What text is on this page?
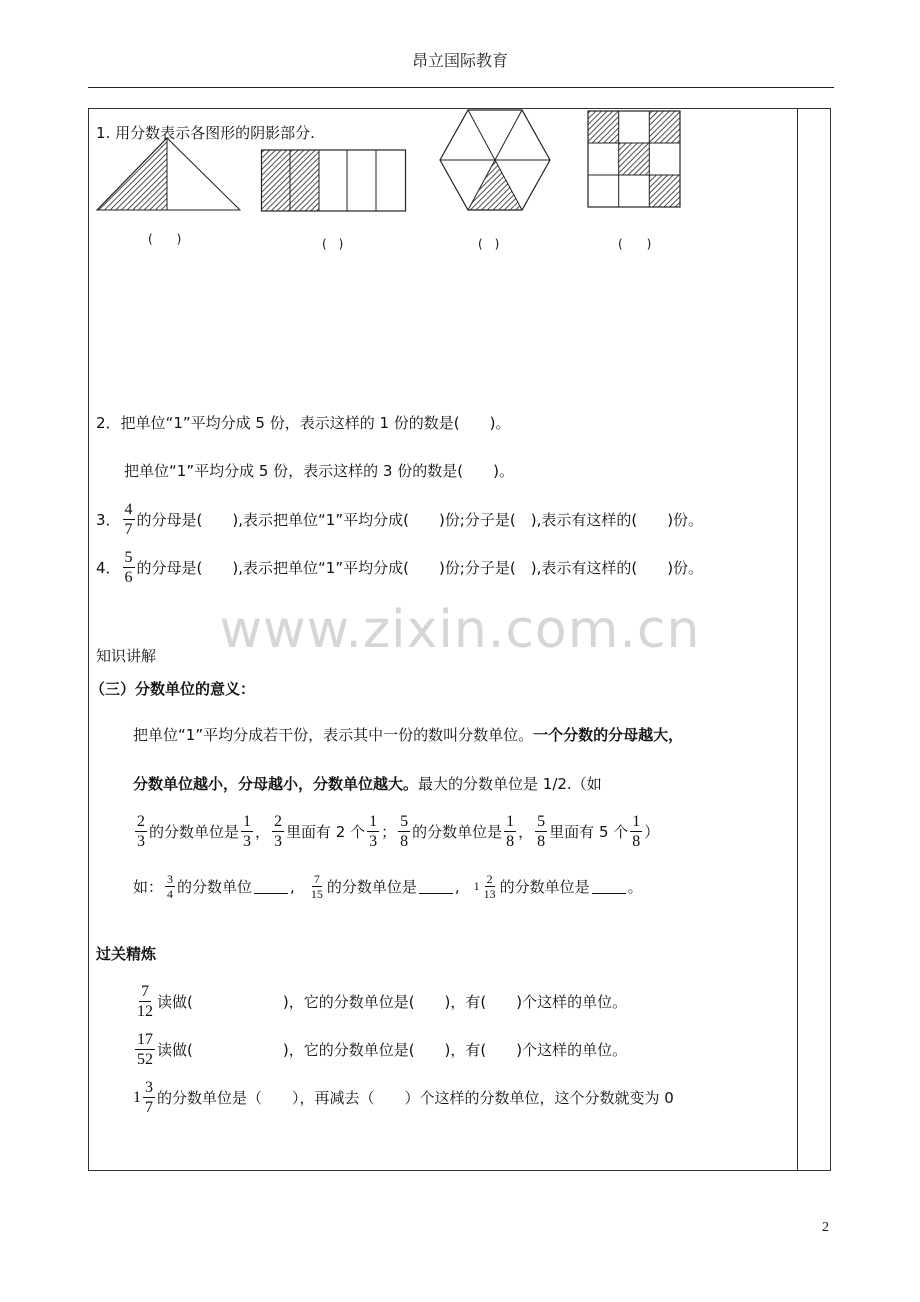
昂立国际教育
www.zixin.com.cn
1. 用分数表示各图形的阴影部分.
(　　)	(　)	(　)	(　　)
2．把单位“1”平均分成 5 份，表示这样的 1 份的数是(　　)。
把单位“1”平均分成 5 份，表示这样的 3 份的数是(　　)。
3． $\frac{4}{7}$ 的分母是(　　),表示把单位“1”平均分成(　　)份;分子是(　),表示有这样的(　　)份。
4． $\frac{5}{6}$ 的分母是(　　),表示把单位“1”平均分成(　　)份;分子是(　),表示有这样的(　　)份。
知识讲解
（三）分数单位的意义：
把单位“1”平均分成若干份，表示其中一份的数叫分数单位。一个分数的分母越大，
分数单位越小，分母越小，分数单位越大。最大的分数单位是 1/2.（如
$\frac{2}{3}$ 的分数单位是 $\frac{1}{3}$ ， $\frac{2}{3}$ 里面有 2 个 $\frac{1}{3}$ ； $\frac{5}{8}$ 的分数单位是 $\frac{1}{8}$ ， $\frac{5}{8}$ 里面有 5 个 $\frac{1}{8}$ ）
如： $\frac{3}{4}$ 的分数单位	, $\frac{7}{15}$ 的分数单位是	, $1 \frac{2}{13}$ 的分数单位是	。
过关精炼
$\frac{7}{12}$ 读做(　　　　　　)，它的分数单位是(　　)，有(　　)个这样的单位。
$\frac{17}{52}$ 读做(　　　　　　)，它的分数单位是(　　)，有(　　)个这样的单位。
$1 \frac{3}{7}$ 的分数单位是（　　），再减去（　　）个这样的分数单位，这个分数就变为 0
2
